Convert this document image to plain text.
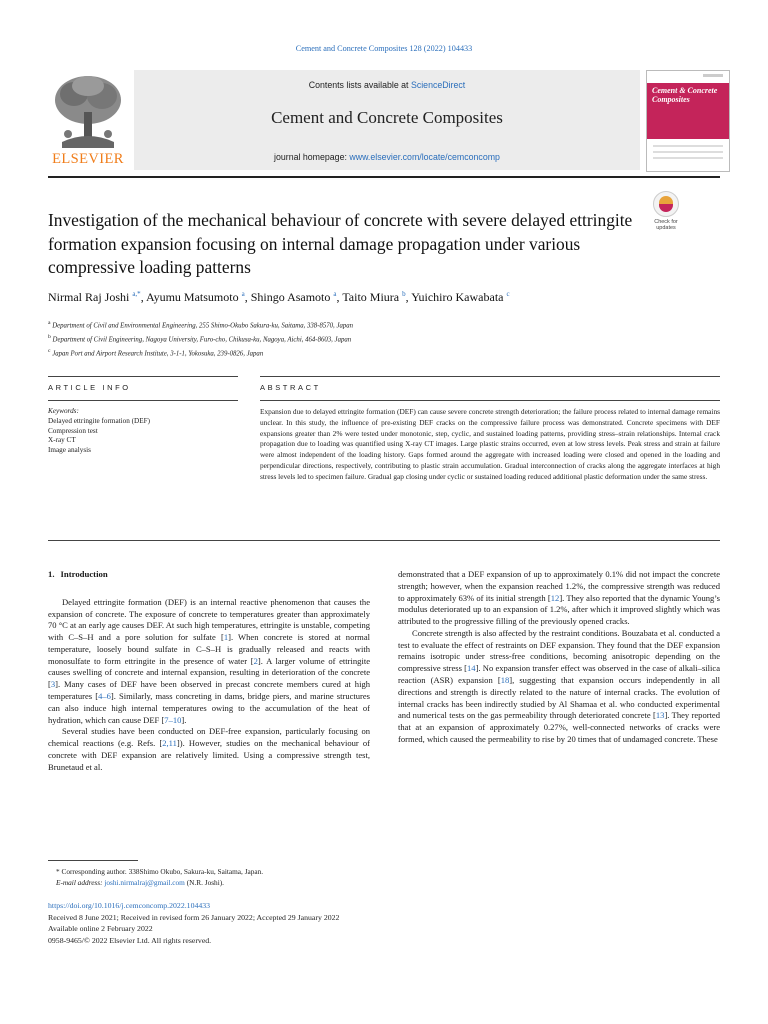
Cement and Concrete Composites 128 (2022) 104433
ELSEVIER
Contents lists available at ScienceDirect
Cement and Concrete Composites
journal homepage: www.elsevier.com/locate/cemconcomp
Cement & Concrete Composites
Investigation of the mechanical behaviour of concrete with severe delayed ettringite formation expansion focusing on internal damage propagation under various compressive loading patterns
Check for updates
Nirmal Raj Joshi $^{a,*}$, Ayumu Matsumoto $^a$, Shingo Asamoto $^a$, Taito Miura $^b$, Yuichiro Kawabata $^c$
$^a$ Department of Civil and Environmental Engineering, 255 Shimo-Okubo Sakura-ku, Saitama, 338-8570, Japan
$^b$ Department of Civil Engineering, Nagoya University, Furo-cho, Chikusa-ku, Nagoya, Aichi, 464-8603, Japan
$^c$ Japan Port and Airport Research Institute, 3-1-1, Yokosuka, 239-0826, Japan
ARTICLE INFO	ABSTRACT
Keywords:
Delayed ettringite formation (DEF)
Compression test
X-ray CT
Image analysis
Expansion due to delayed ettringite formation (DEF) can cause severe concrete strength deterioration; the failure process related to internal damage remains unclear. In this study, the influence of pre-existing DEF cracks on the compressive failure process was demonstrated. Concrete specimens with DEF expansions greater than 2% were tested under monotonic, step, cyclic, and sustained loading patterns, providing stress–strain relationships. Internal crack propagation due to loading was quantified using X-ray CT images. Large plastic strains occurred, even at low stress levels. Peak stress and strain at failure were almost independent of the loading history. Gaps formed around the aggregate with increased loading were closed and opened in the loading and perpendicular directions, respectively, contributing to plastic strain accumulation. Gradual interconnection of cracks along the aggregate interfaces at high stress levels led to specimen failure. Gradual gap closing under cyclic or sustained loading reduced additional plastic deformation under the same stress.
1. Introduction

Delayed ettringite formation (DEF) is an internal reactive phenomenon that causes the expansion of concrete. The exposure of concrete to temperatures greater than approximately 70 °C at an early age causes DEF. At such high temperatures, ettringite is unstable, competing with C–S–H and a pore solution for sulfate [1]. When concrete is stored at normal temperature, loosely bound sulfate in C–S–H is gradually released and reacts with monosulfate to form ettringite in the presence of water [2]. A larger volume of ettringite causes swelling of concrete and internal expansion, resulting in deterioration of the concrete [3]. Many cases of DEF have been observed in precast concrete members cured at high temperatures [4–6]. Similarly, mass concreting in dams, bridge piers, and marine structures can also induce high internal temperatures owing to the accumulation of the heat of hydration, which can cause DEF [7–10].

Several studies have been conducted on DEF-free expansion, particularly focusing on chemical reactions (e.g. Refs. [2,11]). However, studies on the mechanical behaviour of concrete with DEF expansion are relatively limited. Using a compressive strength test, Brunetaud et al.

demonstrated that a DEF expansion of up to approximately 0.1% did not impact the concrete strength; however, when the expansion reached 1.2%, the compressive strength was reduced to approximately 63% of its initial strength [12]. They also reported that the dynamic Young’s modulus deteriorated up to an expansion of 1.2%, after which it improved slightly which was attributed to the progressive filling of the previously opened cracks.

Concrete strength is also affected by the restraint conditions. Bouzabata et al. conducted a test to evaluate the effect of restraints on DEF expansion. They found that the DEF expansion remains isotropic under stress-free conditions, becoming anisotropic depending on the compressive stress [14]. No expansion transfer effect was observed in the case of alkali–silica reaction (ASR) expansion [18], suggesting that expansion occurs independently in all directions and strength is directly related to the nature of internal cracks. The evolution of internal cracks has been indirectly studied by Al Shamaa et al. who conducted experimental and numerical tests on the gas permeability through deteriorated concrete [13]. They reported that at an expansion of approximately 0.27%, well-connected networks of cracks were formed, which caused the permeability to rise by 20 times that of undamaged concrete. These

* Corresponding author. 338Shimo Okubo, Sakura-ku, Saitama, Japan.
E-mail address: joshi.nirmalraj@gmail.com (N.R. Joshi).
https://doi.org/10.1016/j.cemconcomp.2022.104433
Received 8 June 2021; Received in revised form 26 January 2022; Accepted 29 January 2022
Available online 2 February 2022
0958-9465/© 2022 Elsevier Ltd. All rights reserved.
